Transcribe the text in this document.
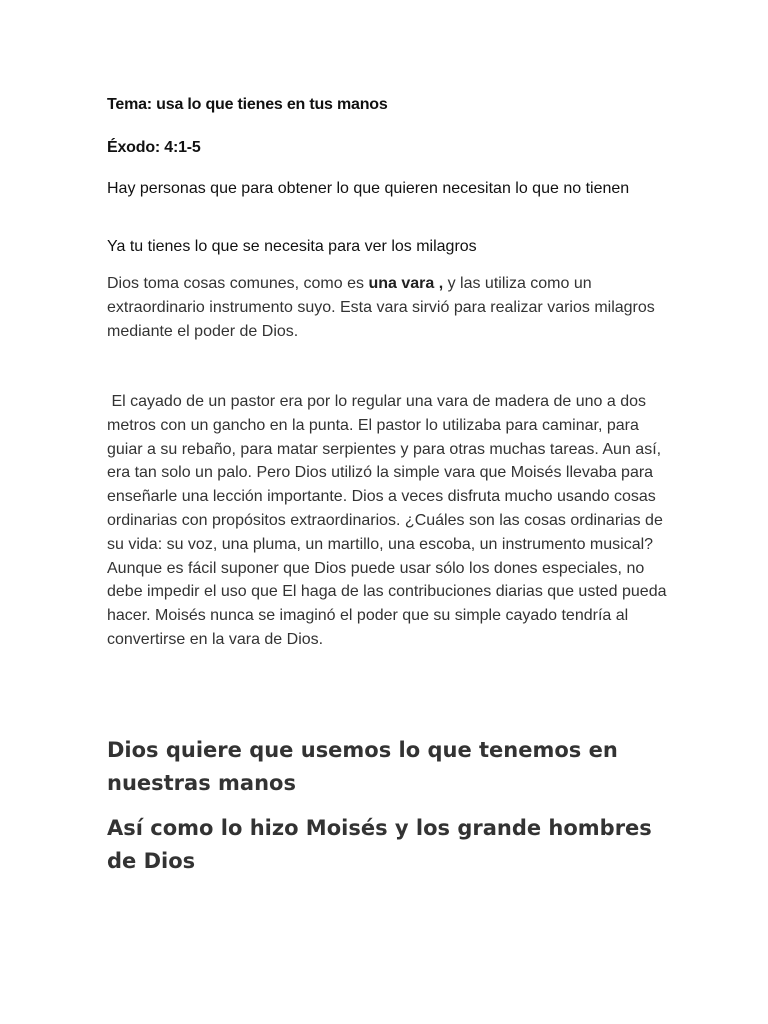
Tema: usa lo que tienes en tus manos

Éxodo: 4:1-5

Hay personas que para obtener lo que quieren necesitan lo que no tienen

Ya tu tienes lo que se necesita para ver los milagros

Dios toma cosas comunes, como es una vara , y las utiliza como un extraordinario instrumento suyo. Esta vara sirvió para realizar varios milagros mediante el poder de Dios.

El cayado de un pastor era por lo regular una vara de madera de uno a dos metros con un gancho en la punta. El pastor lo utilizaba para caminar, para guiar a su rebaño, para matar serpientes y para otras muchas tareas. Aun así, era tan solo un palo. Pero Dios utilizó la simple vara que Moisés llevaba para enseñarle una lección importante. Dios a veces disfruta mucho usando cosas ordinarias con propósitos extraordinarios. ¿Cuáles son las cosas ordinarias de su vida: su voz, una pluma, un martillo, una escoba, un instrumento musical? Aunque es fácil suponer que Dios puede usar sólo los dones especiales, no debe impedir el uso que El haga de las contribuciones diarias que usted pueda hacer. Moisés nunca se imaginó el poder que su simple cayado tendría al convertirse en la vara de Dios.

Dios quiere que usemos lo que tenemos en nuestras manos
Así como lo hizo Moisés y los grande hombres de Dios
